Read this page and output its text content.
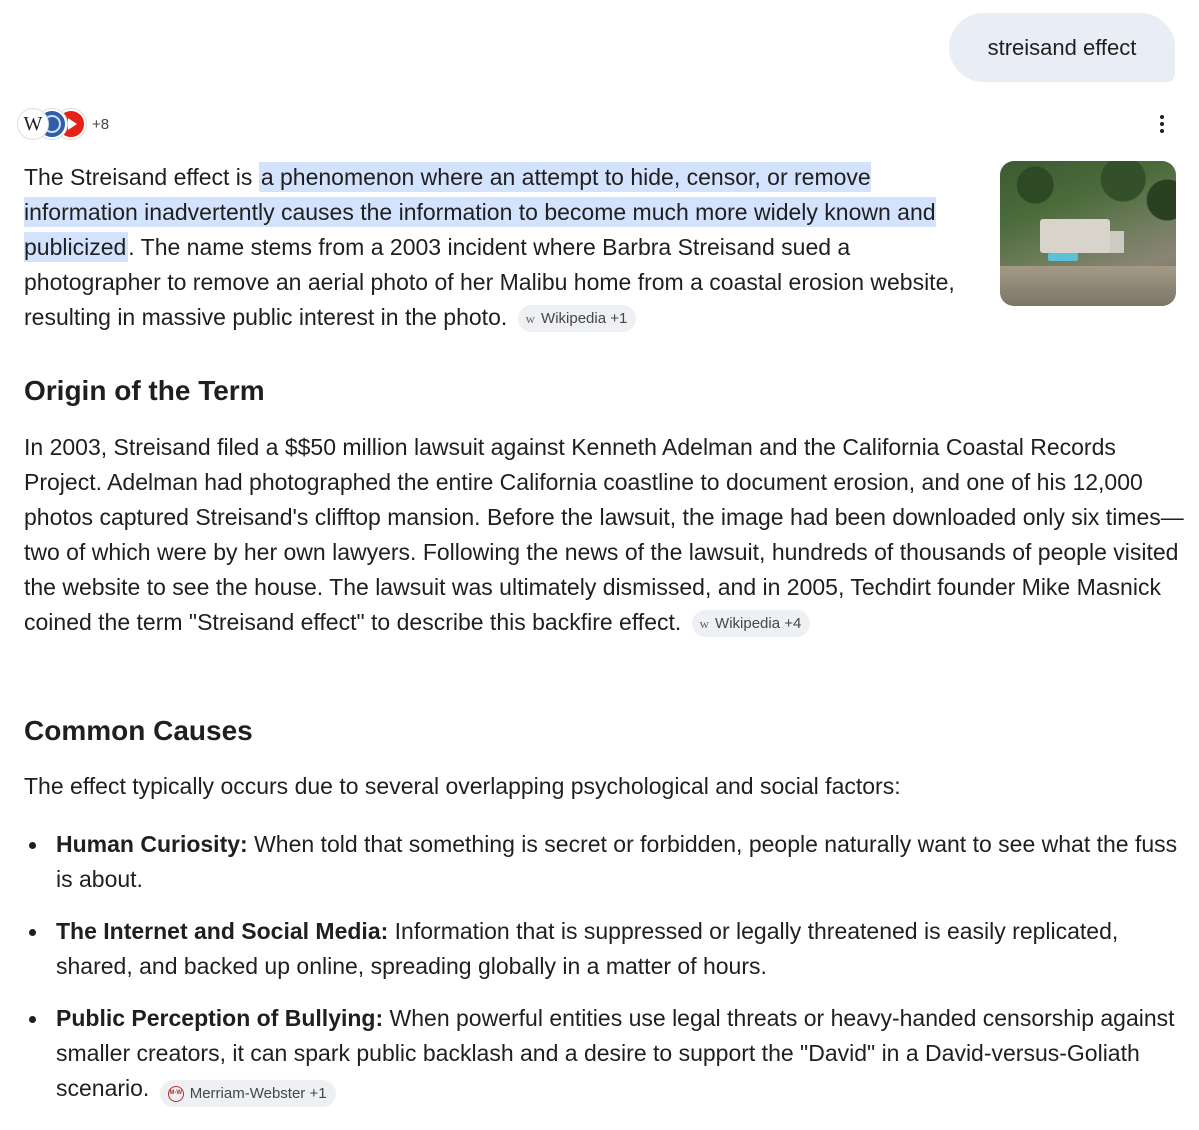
streisand effect
W	+8
The Streisand effect is a phenomenon where an attempt to hide, censor, or remove information inadvertently causes the information to become much more widely known and publicized. The name stems from a 2003 incident where Barbra Streisand sued a photographer to remove an aerial photo of her Malibu home from a coastal erosion website, resulting in massive public interest in the photo. w Wikipedia +1
Origin of the Term
In 2003, Streisand filed a $$50 million lawsuit against Kenneth Adelman and the California Coastal Records Project. Adelman had photographed the entire California coastline to document erosion, and one of his 12,000 photos captured Streisand's clifftop mansion. Before the lawsuit, the image had been downloaded only six times—two of which were by her own lawyers. Following the news of the lawsuit, hundreds of thousands of people visited the website to see the house. The lawsuit was ultimately dismissed, and in 2005, Techdirt founder Mike Masnick coined the term "Streisand effect" to describe this backfire effect. w Wikipedia +4
Common Causes
The effect typically occurs due to several overlapping psychological and social factors:
Human Curiosity: When told that something is secret or forbidden, people naturally want to see what the fuss is about.
The Internet and Social Media: Information that is suppressed or legally threatened is easily replicated, shared, and backed up online, spreading globally in a matter of hours.
Public Perception of Bullying: When powerful entities use legal threats or heavy-handed censorship against smaller creators, it can spark public backlash and a desire to support the "David" in a David-versus-Goliath scenario.	M-W Merriam-Webster +1
